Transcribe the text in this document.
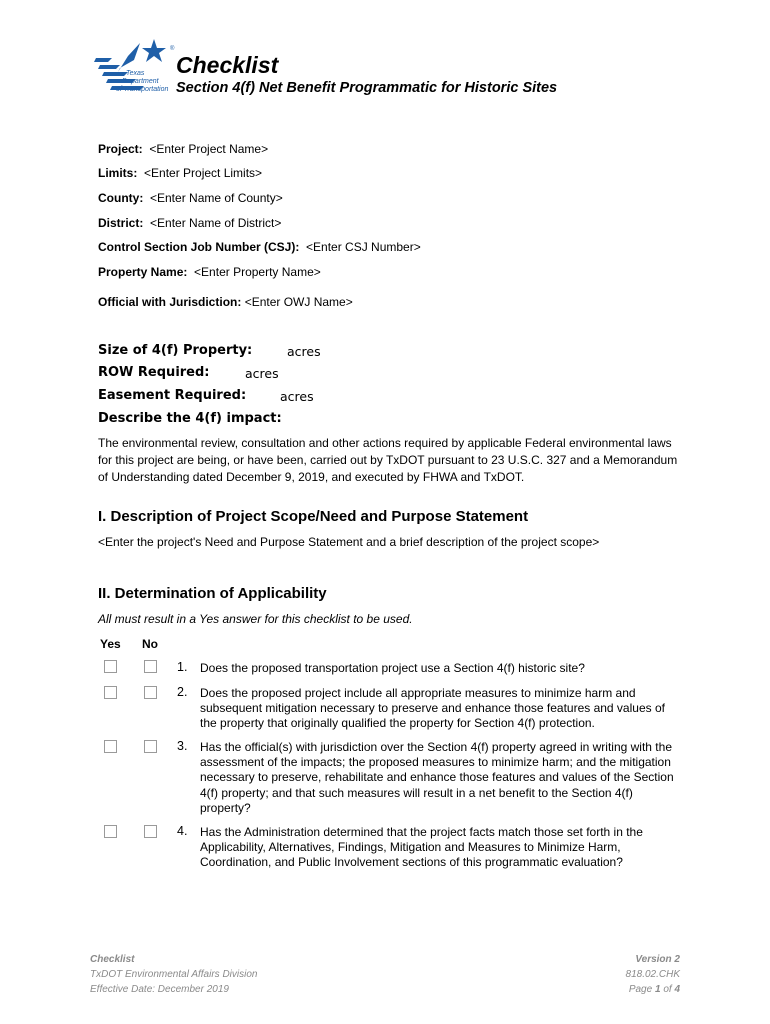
®
Texas
Department
of Transportation
Checklist
Section 4(f) Net Benefit Programmatic for Historic Sites
Project: <Enter Project Name>
Limits: <Enter Project Limits>
County: <Enter Name of County>
District: <Enter Name of District>
Control Section Job Number (CSJ): <Enter CSJ Number>
Property Name: <Enter Property Name>
Official with Jurisdiction: <Enter OWJ Name>
Size of 4(f) Property:	acres
ROW Required:	acres
Easement Required:	acres
Describe the 4(f) impact:
The environmental review, consultation and other actions required by applicable Federal environmental laws for this project are being, or have been, carried out by TxDOT pursuant to 23 U.S.C. 327 and a Memorandum of Understanding dated December 9, 2019, and executed by FHWA and TxDOT.
I. Description of Project Scope/Need and Purpose Statement
<Enter the project's Need and Purpose Statement and a brief description of the project scope>
II. Determination of Applicability
All must result in a Yes answer for this checklist to be used.
Yes No
1. Does the proposed transportation project use a Section 4(f) historic site?
2. Does the proposed project include all appropriate measures to minimize harm and subsequent mitigation necessary to preserve and enhance those features and values of the property that originally qualified the property for Section 4(f) protection.
3. Has the official(s) with jurisdiction over the Section 4(f) property agreed in writing with the assessment of the impacts; the proposed measures to minimize harm; and the mitigation necessary to preserve, rehabilitate and enhance those features and values of the Section 4(f) property; and that such measures will result in a net benefit to the Section 4(f) property?
4. Has the Administration determined that the project facts match those set forth in the Applicability, Alternatives, Findings, Mitigation and Measures to Minimize Harm, Coordination, and Public Involvement sections of this programmatic evaluation?
Checklist
TxDOT Environmental Affairs Division
Effective Date: December 2019
Version 2
818.02.CHK
Page 1 of 4
